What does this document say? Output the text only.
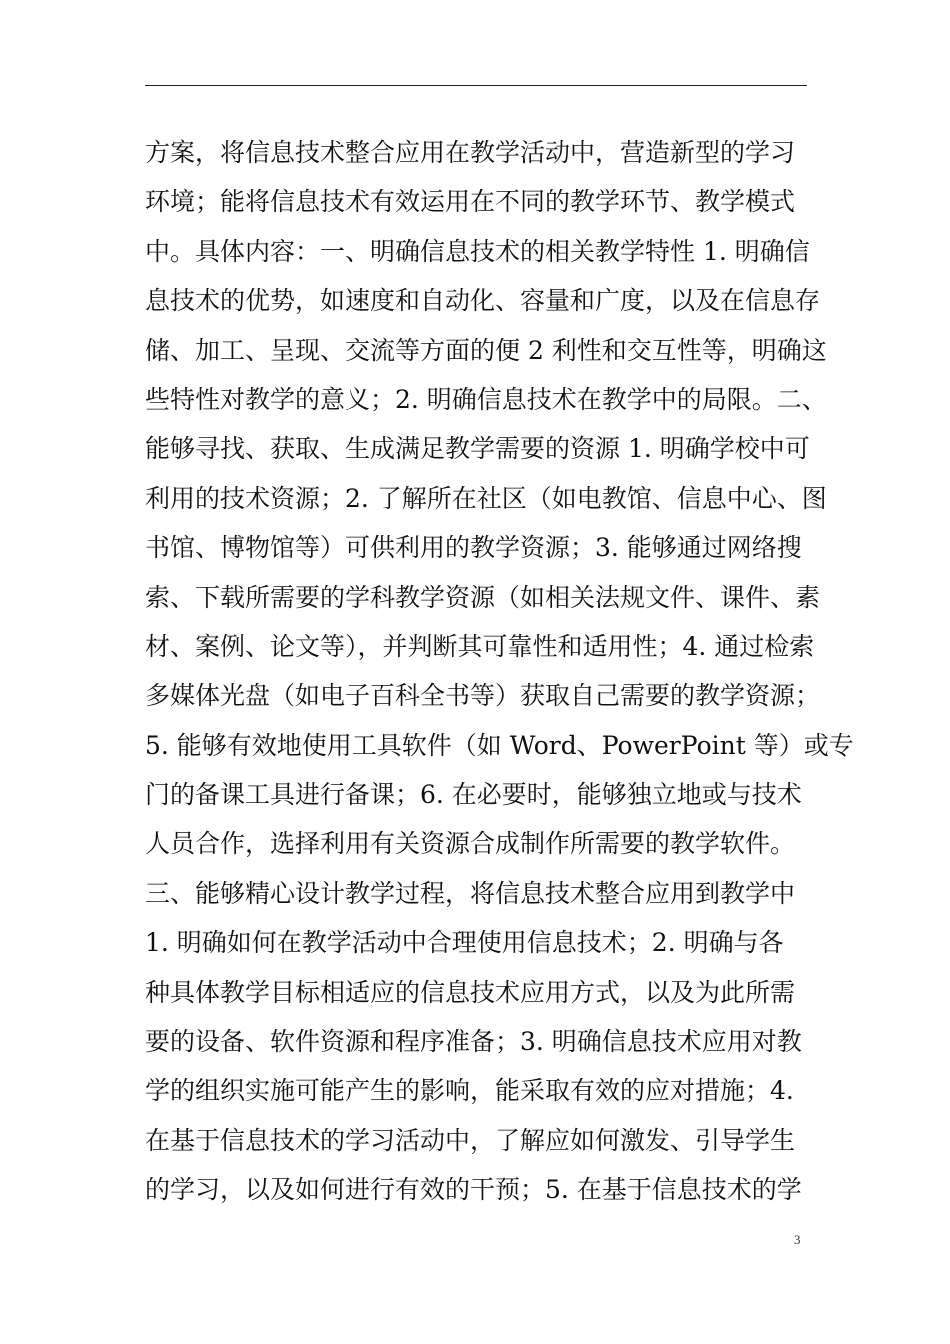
方案，将信息技术整合应用在教学活动中，营造新型的学习
环境；能将信息技术有效运用在不同的教学环节、教学模式
中。具体内容：一、明确信息技术的相关教学特性 1. 明确信
息技术的优势，如速度和自动化、容量和广度，以及在信息存
储、加工、呈现、交流等方面的便 2 利性和交互性等，明确这
些特性对教学的意义；2. 明确信息技术在教学中的局限。二、
能够寻找、获取、生成满足教学需要的资源 1. 明确学校中可
利用的技术资源；2. 了解所在社区（如电教馆、信息中心、图
书馆、博物馆等）可供利用的教学资源；3. 能够通过网络搜
索、下载所需要的学科教学资源（如相关法规文件、课件、素
材、案例、论文等），并判断其可靠性和适用性；4. 通过检索
多媒体光盘（如电子百科全书等）获取自己需要的教学资源；
5. 能够有效地使用工具软件（如 Word、PowerPoint 等）或专
门的备课工具进行备课；6. 在必要时，能够独立地或与技术
人员合作，选择利用有关资源合成制作所需要的教学软件。
三、能够精心设计教学过程，将信息技术整合应用到教学中
1. 明确如何在教学活动中合理使用信息技术；2. 明确与各
种具体教学目标相适应的信息技术应用方式，以及为此所需
要的设备、软件资源和程序准备；3. 明确信息技术应用对教
学的组织实施可能产生的影响，能采取有效的应对措施；4.
在基于信息技术的学习活动中，了解应如何激发、引导学生
的学习，以及如何进行有效的干预；5. 在基于信息技术的学
3
